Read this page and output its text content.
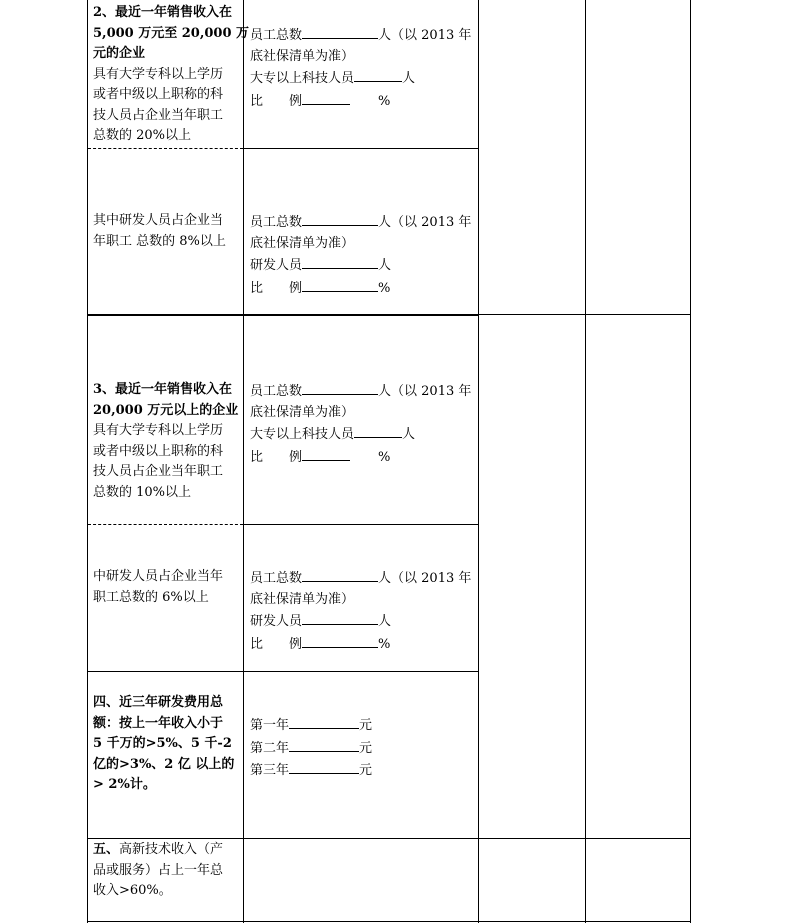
2、最近一年销售收入在
5,000 万元至 20,000 万
元的企业
具有大学专科以上学历
或者中级以上职称的科
技人员占企业当年职工
总数的 20%以上
员工总数	人（以 2013 年
底社保清单为准）
大专以上科技人员	人
比　　例	%
其中研发人员占企业当
年职工 总数的 8%以上
员工总数	人（以 2013 年
底社保清单为准）
研发人员	人
比　　例	%
3、最近一年销售收入在
20,000 万元以上的企业
具有大学专科以上学历
或者中级以上职称的科
技人员占企业当年职工
总数的 10%以上
员工总数	人（以 2013 年
底社保清单为准）
大专以上科技人员	人
比　　例	%
中研发人员占企业当年
职工总数的 6%以上
员工总数	人（以 2013 年
底社保清单为准）
研发人员	人
比　　例	%
四、近三年研发费用总
额：按上一年收入小于
5 千万的>5%、5 千-2
亿的>3%、2 亿 以上的
> 2%计。
第一年	元
第二年	元
第三年	元
五、高新技术收入（产
品或服务）占上一年总
收入>60%。
